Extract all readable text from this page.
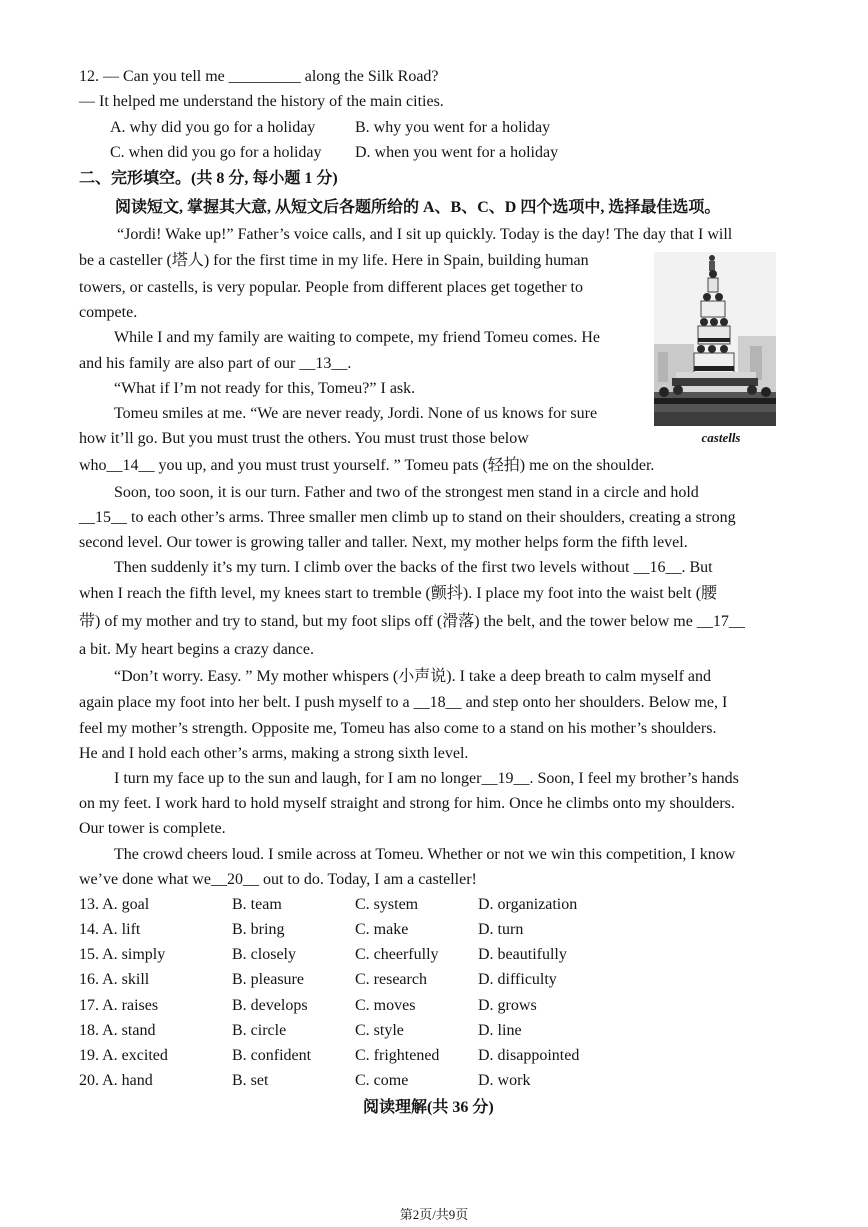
12. — Can you tell me _________ along the Silk Road?
— It helped me understand the history of the main cities.
A. why did you go for a holiday B. why you went for a holiday
C. when did you go for a holiday D. when you went for a holiday
二、完形填空。(共 8 分, 每小题 1 分)
阅读短文, 掌握其大意, 从短文后各题所给的 A、B、C、D 四个选项中, 选择最佳选项。
“Jordi! Wake up!” Father’s voice calls, and I sit up quickly. Today is the day! The day that I will
be a casteller (塔人) for the first time in my life. Here in Spain, building human
towers, or castells, is very popular. People from different places get together to
compete.
While I and my family are waiting to compete, my friend Tomeu comes. He
and his family are also part of our __13__.
“What if I’m not ready for this, Tomeu?” I ask.
Tomeu smiles at me. “We are never ready, Jordi. None of us knows for sure
how it’ll go. But you must trust the others. You must trust those below
who__14__ you up, and you must trust yourself. ” Tomeu pats (轻拍) me on the shoulder.
Soon, too soon, it is our turn. Father and two of the strongest men stand in a circle and hold
__15__ to each other’s arms. Three smaller men climb up to stand on their shoulders, creating a strong
second level. Our tower is growing taller and taller. Next, my mother helps form the fifth level.
Then suddenly it’s my turn. I climb over the backs of the first two levels without __16__. But
when I reach the fifth level, my knees start to tremble (颤抖). I place my foot into the waist belt (腰
带) of my mother and try to stand, but my foot slips off (滑落) the belt, and the tower below me __17__
a bit. My heart begins a crazy dance.
“Don’t worry. Easy. ” My mother whispers (小声说). I take a deep breath to calm myself and
again place my foot into her belt. I push myself to a __18__ and step onto her shoulders. Below me, I
feel my mother’s strength. Opposite me, Tomeu has also come to a stand on his mother’s shoulders.
He and I hold each other’s arms, making a strong sixth level.
I turn my face up to the sun and laugh, for I am no longer__19__. Soon, I feel my brother’s hands
on my feet. I work hard to hold myself straight and strong for him. Once he climbs onto my shoulders.
Our tower is complete.
The crowd cheers loud. I smile across at Tomeu. Whether or not we win this competition, I know
we’ve done what we__20__ out to do. Today, I am a casteller!
castells
13. A. goal	B. team	C. system	D. organization
14. A. lift	B. bring	C. make	D. turn
15. A. simply	B. closely	C. cheerfully D. beautifully
16. A. skill	B. pleasure	C. research	D. difficulty
17. A. raises	B. develops	C. moves	D. grows
18. A. stand	B. circle	C. style	D. line
19. A. excited	B. confident	C. frightened D. disappointed
20. A. hand	B. set	C. come	D. work
阅读理解(共 36 分)
第2页/共9页
